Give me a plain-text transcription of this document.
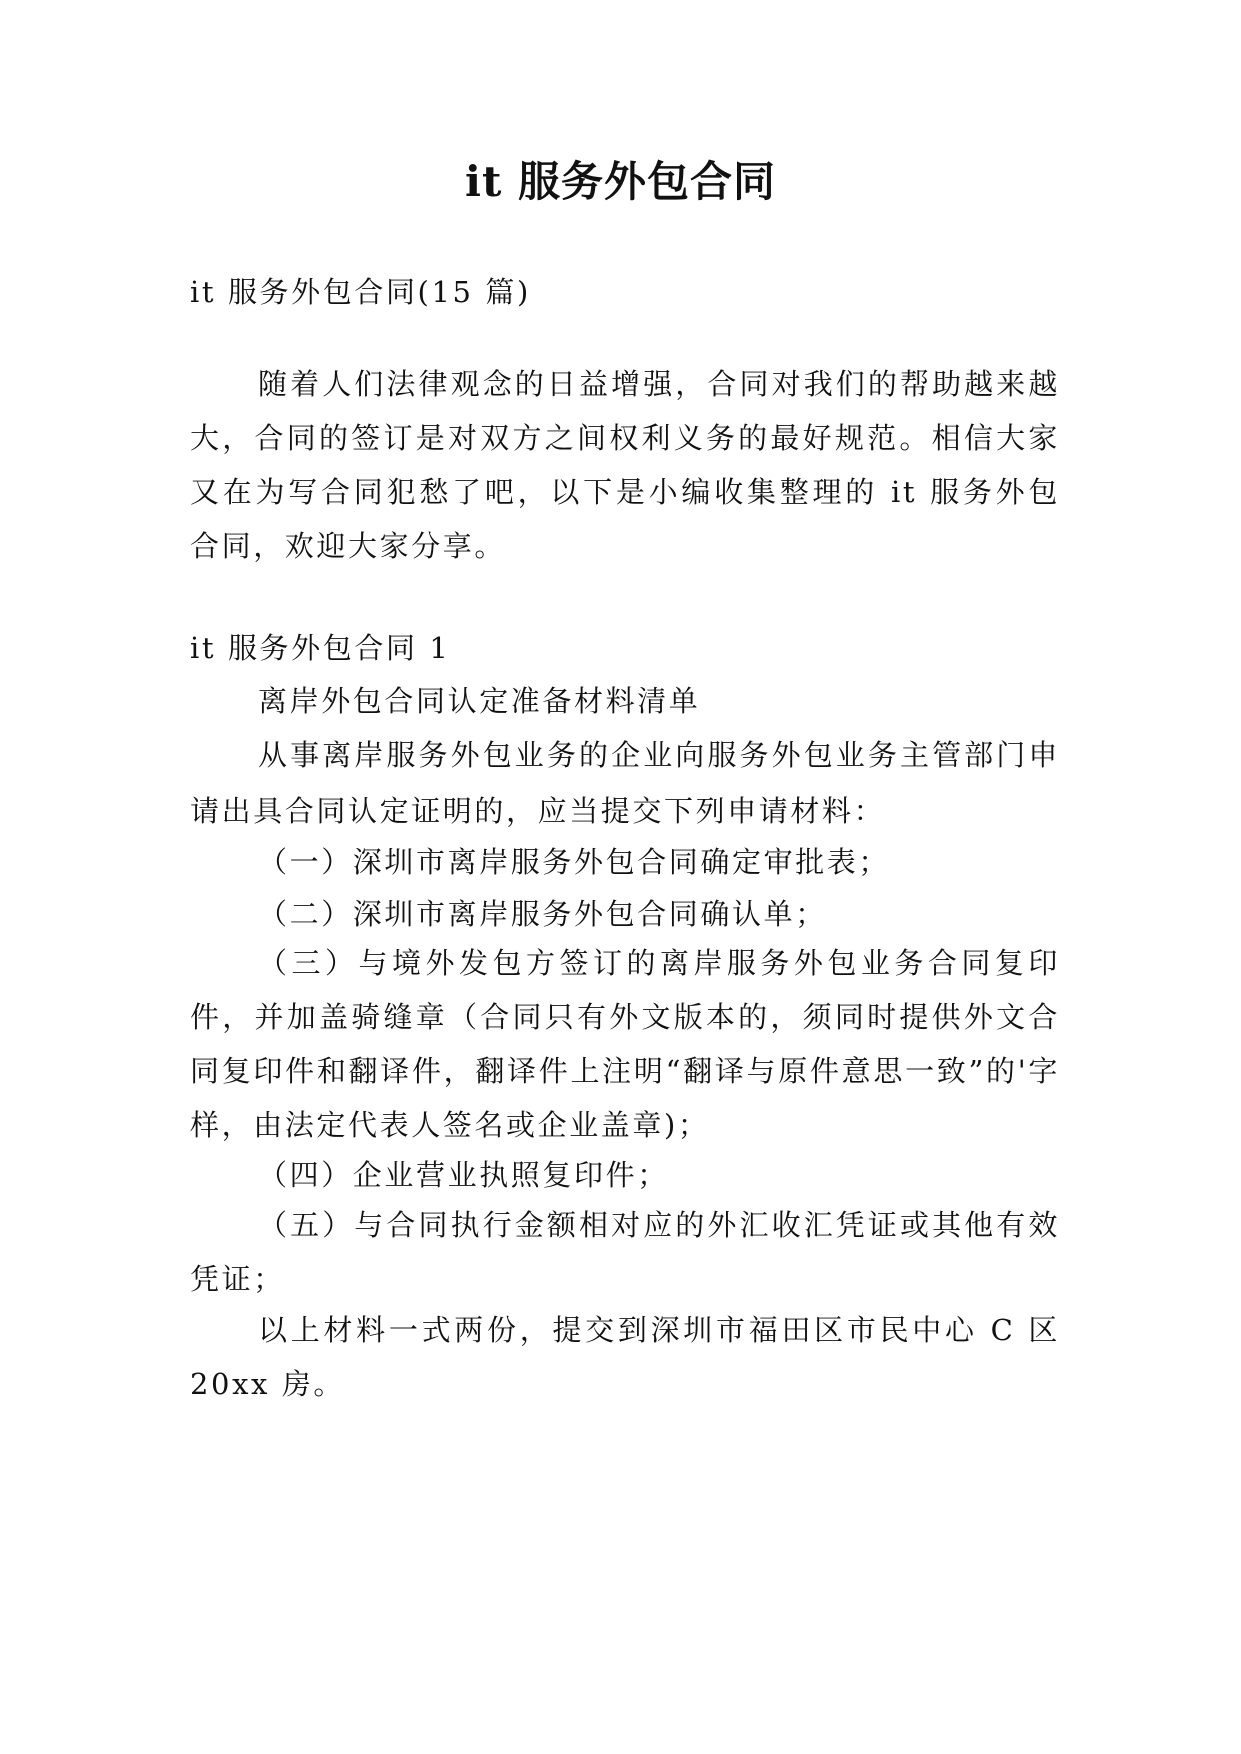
it 服务外包合同

it 服务外包合同(15 篇)

随着人们法律观念的日益增强，合同对我们的帮助越来越大，合同的签订是对双方之间权利义务的最好规范。相信大家又在为写合同犯愁了吧，以下是小编收集整理的 it 服务外包合同，欢迎大家分享。

it 服务外包合同 1

离岸外包合同认定准备材料清单

从事离岸服务外包业务的企业向服务外包业务主管部门申请出具合同认定证明的，应当提交下列申请材料：

（一）深圳市离岸服务外包合同确定审批表；

（二）深圳市离岸服务外包合同确认单；

（三）与境外发包方签订的离岸服务外包业务合同复印件，并加盖骑缝章（合同只有外文版本的，须同时提供外文合同复印件和翻译件，翻译件上注明“翻译与原件意思一致”的'字样，由法定代表人签名或企业盖章)；

（四）企业营业执照复印件；

（五）与合同执行金额相对应的外汇收汇凭证或其他有效凭证；

以上材料一式两份，提交到深圳市福田区市民中心 C 区 20xx 房。
